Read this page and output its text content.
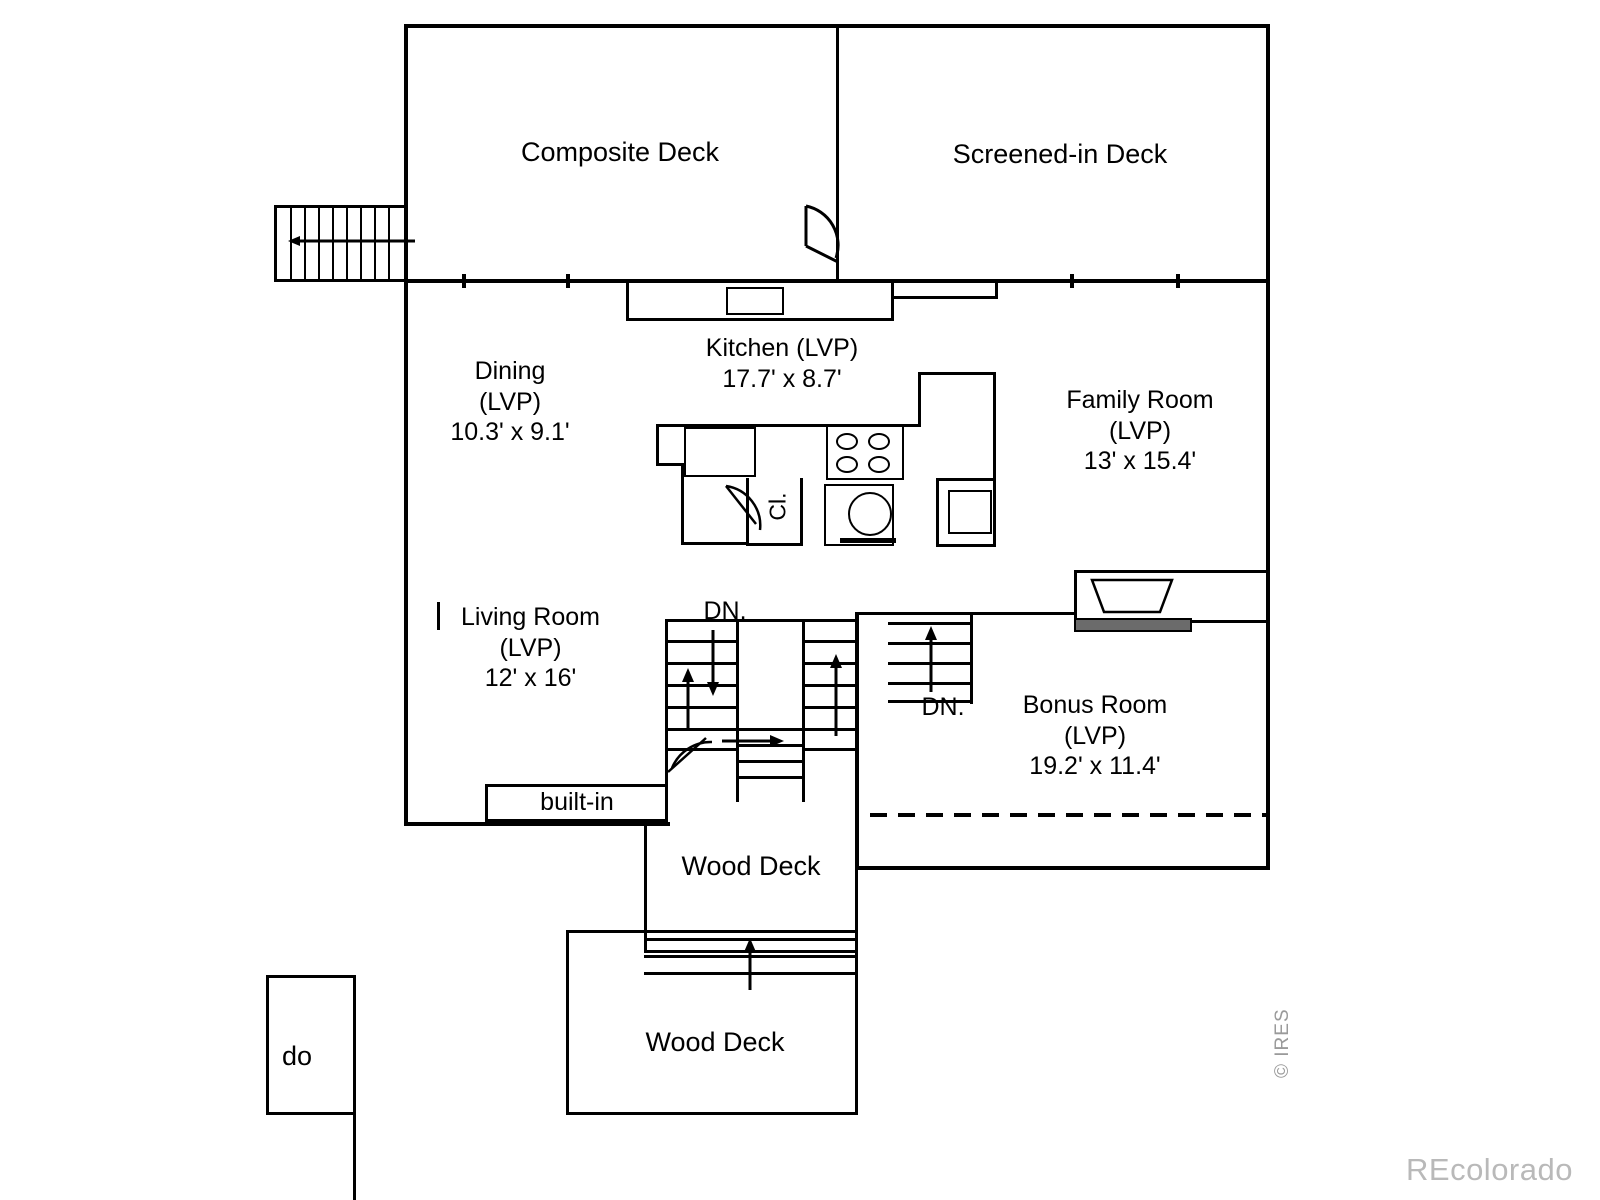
Composite Deck	Screened-in Deck
Dining
(LVP)
10.3' x 9.1'
Kitchen (LVP)
17.7' x 8.7'
Family Room
(LVP)
13' x 15.4'
Living Room
(LVP)
12' x 16'
Bonus Room
(LVP)
19.2' x 11.4'
Wood Deck
Wood Deck
Cl.
built-in
DN.
DN.
do	© IRES
REcolorado
